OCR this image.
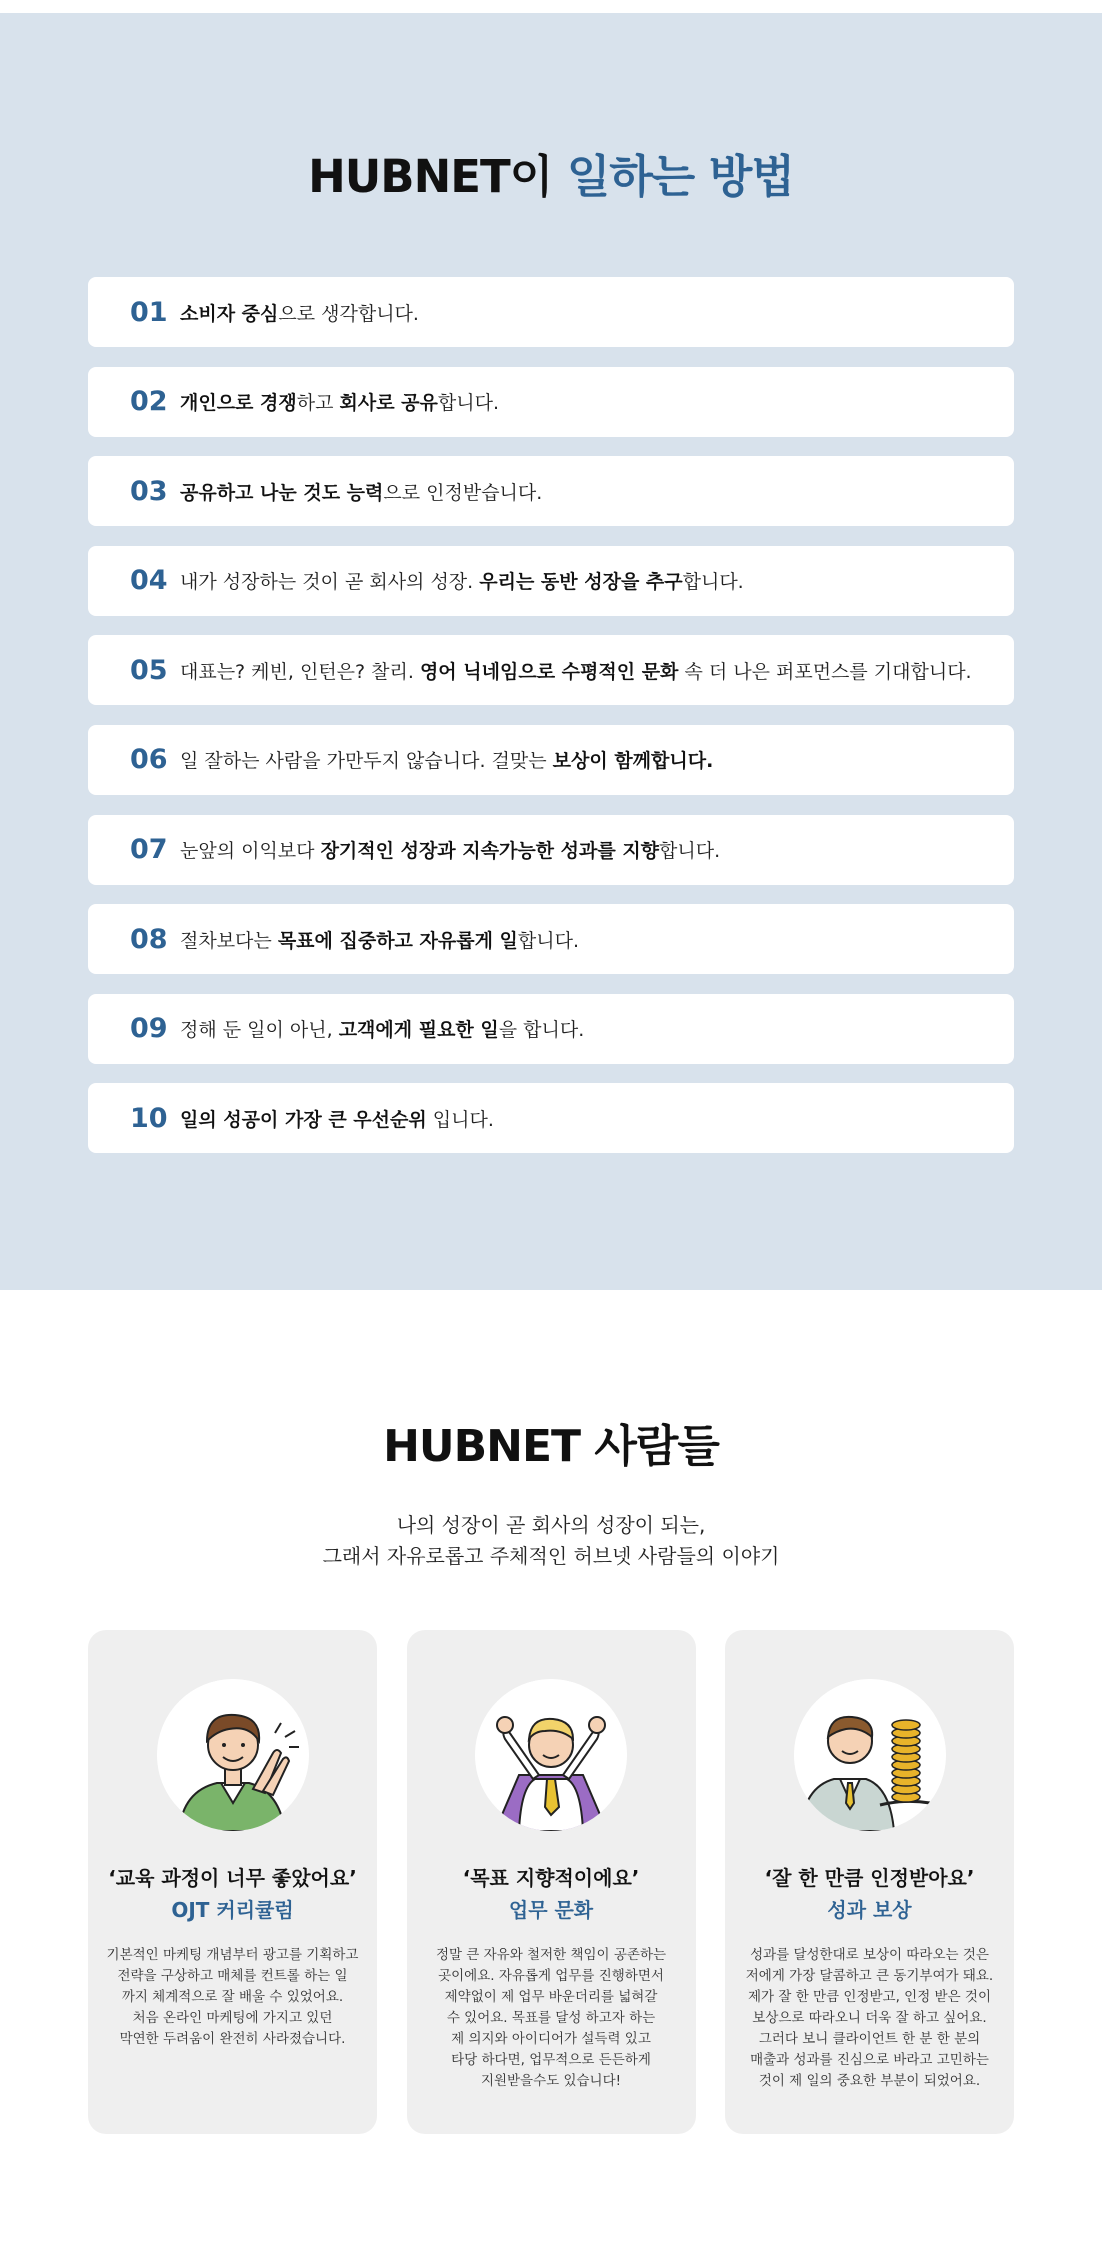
HUBNET이 일하는 방법
01 소비자 중심으로 생각합니다.
02 개인으로 경쟁하고 회사로 공유합니다.
03 공유하고 나눈 것도 능력으로 인정받습니다.
04 내가 성장하는 것이 곧 회사의 성장. 우리는 동반 성장을 추구합니다.
05 대표는? 케빈, 인턴은? 찰리. 영어 닉네임으로 수평적인 문화 속 더 나은 퍼포먼스를 기대합니다.
06 일 잘하는 사람을 가만두지 않습니다. 걸맞는 보상이 함께합니다.
07 눈앞의 이익보다 장기적인 성장과 지속가능한 성과를 지향합니다.
08 절차보다는 목표에 집중하고 자유롭게 일합니다.
09 정해 둔 일이 아닌, 고객에게 필요한 일을 합니다.
10 일의 성공이 가장 큰 우선순위 입니다.
HUBNET 사람들

나의 성장이 곧 회사의 성장이 되는,
그래서 자유로롭고 주체적인 허브넷 사람들의 이야기

‘교육 과정이 너무 좋았어요’
OJT 커리큘럼
기본적인 마케팅 개념부터 광고를 기획하고
전략을 구상하고 매체를 컨트롤 하는 일
까지 체계적으로 잘 배울 수 있었어요.
처음 온라인 마케팅에 가지고 있던
막연한 두려움이 완전히 사라졌습니다.
‘목표 지향적이에요’
업무 문화
정말 큰 자유와 철저한 책임이 공존하는
곳이에요. 자유롭게 업무를 진행하면서
제약없이 제 업무 바운더리를 넓혀갈
수 있어요. 목표를 달성 하고자 하는
제 의지와 아이디어가 설득력 있고
타당 하다면, 업무적으로 든든하게
지원받을수도 있습니다!
‘잘 한 만큼 인정받아요’
성과 보상
성과를 달성한대로 보상이 따라오는 것은
저에게 가장 달콤하고 큰 동기부여가 돼요.
제가 잘 한 만큼 인정받고, 인정 받은 것이
보상으로 따라오니 더욱 잘 하고 싶어요.
그러다 보니 클라이언트 한 분 한 분의
매출과 성과를 진심으로 바라고 고민하는
것이 제 일의 중요한 부분이 되었어요.
